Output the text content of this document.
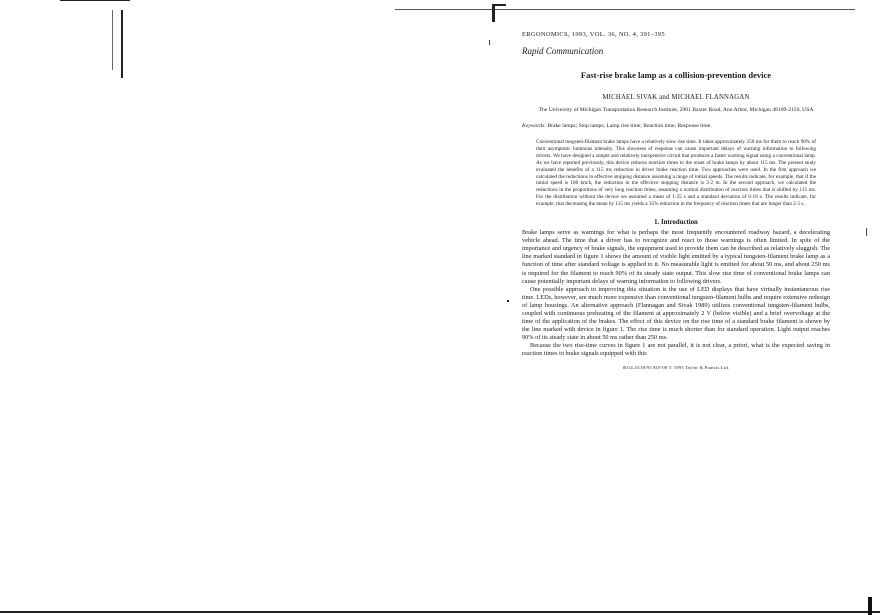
ERGONOMICS, 1993, VOL. 36, NO. 4, 391–395
Rapid Communication
Fast-rise brake lamp as a collision-prevention device
MICHAEL SIVAK and MICHAEL FLANNAGAN
The University of Michigan Transportation Research Institute, 2901 Baxter Road, Ann Arbor, Michigan 48109-2150, USA
Keywords: Brake lamps; Stop lamps; Lamp rise time; Reaction time; Response time.
Conventional tungsten-filament brake lamps have a relatively slow rise time. It takes approximately 250 ms for them to reach 90% of their asymptotic luminous intensity. This slowness of response can cause important delays of warning information to following drivers. We have designed a simple and relatively inexpensive circuit that produces a faster warning signal using a conventional lamp. As we have reported previously, this device reduces reaction times to the onset of brake lamps by about 115 ms. The present study evaluated the benefits of a 115 ms reduction in driver brake reaction time. Two approaches were used. In the first approach we calculated the reductions in effective stopping distance assuming a range of initial speeds. The results indicate, for example, that if the initial speed is 100 km/h, the reduction in the effective stopping distance is 3·2 m. In the second approach, we calculated the reductions in the proportions of very long reaction times, assuming a normal distribution of reaction times that is shifted by 115 ms. For the distribution without the device we assumed a mean of 1·25 s and a standard deviation of 0·16 s. The results indicate, for example, that decreasing the mean by 115 ms yields a 35% reduction in the frequency of reaction times that are longer than 2·5 s.
1. Introduction

Brake lamps serve as warnings for what is perhaps the most frequently encountered roadway hazard, a decelerating vehicle ahead. The time that a driver has to recognize and react to those warnings is often limited. In spite of the importance and urgency of brake signals, the equipment used to provide them can be described as relatively sluggish. The line marked standard in figure 1 shows the amount of visible light emitted by a typical tungsten-filament brake lamp as a function of time after standard voltage is applied to it. No measurable light is emitted for about 50 ms, and about 250 ms is required for the filament to reach 90% of its steady state output. This slow rise time of conventional brake lamps can cause potentially important delays of warning information to following drivers.

One possible approach to improving this situation is the use of LED displays that have virtually instantaneous rise time. LEDs, however, are much more expensive than conventional tungsten-filament bulbs and require extensive redesign of lamp housings. An alternative approach (Flannagan and Sivak 1989) utilizes conventional tungsten-filament bulbs, coupled with continuous preheating of the filament at approximately 2 V (below visible) and a brief overvoltage at the time of the application of the brakes. The effect of this device on the rise time of a standard brake filament is shown by the line marked with device in figure 1. The rise time is much shorter than for standard operation. Light output reaches 90% of its steady state in about 50 ms rather than 250 ms.

Because the two rise-time curves in figure 1 are not parallel, it is not clear, a priori, what is the expected saving in reaction times to brake signals equipped with this

0014–0139/93 $10·00 © 1993 Taylor & Francis Ltd.
